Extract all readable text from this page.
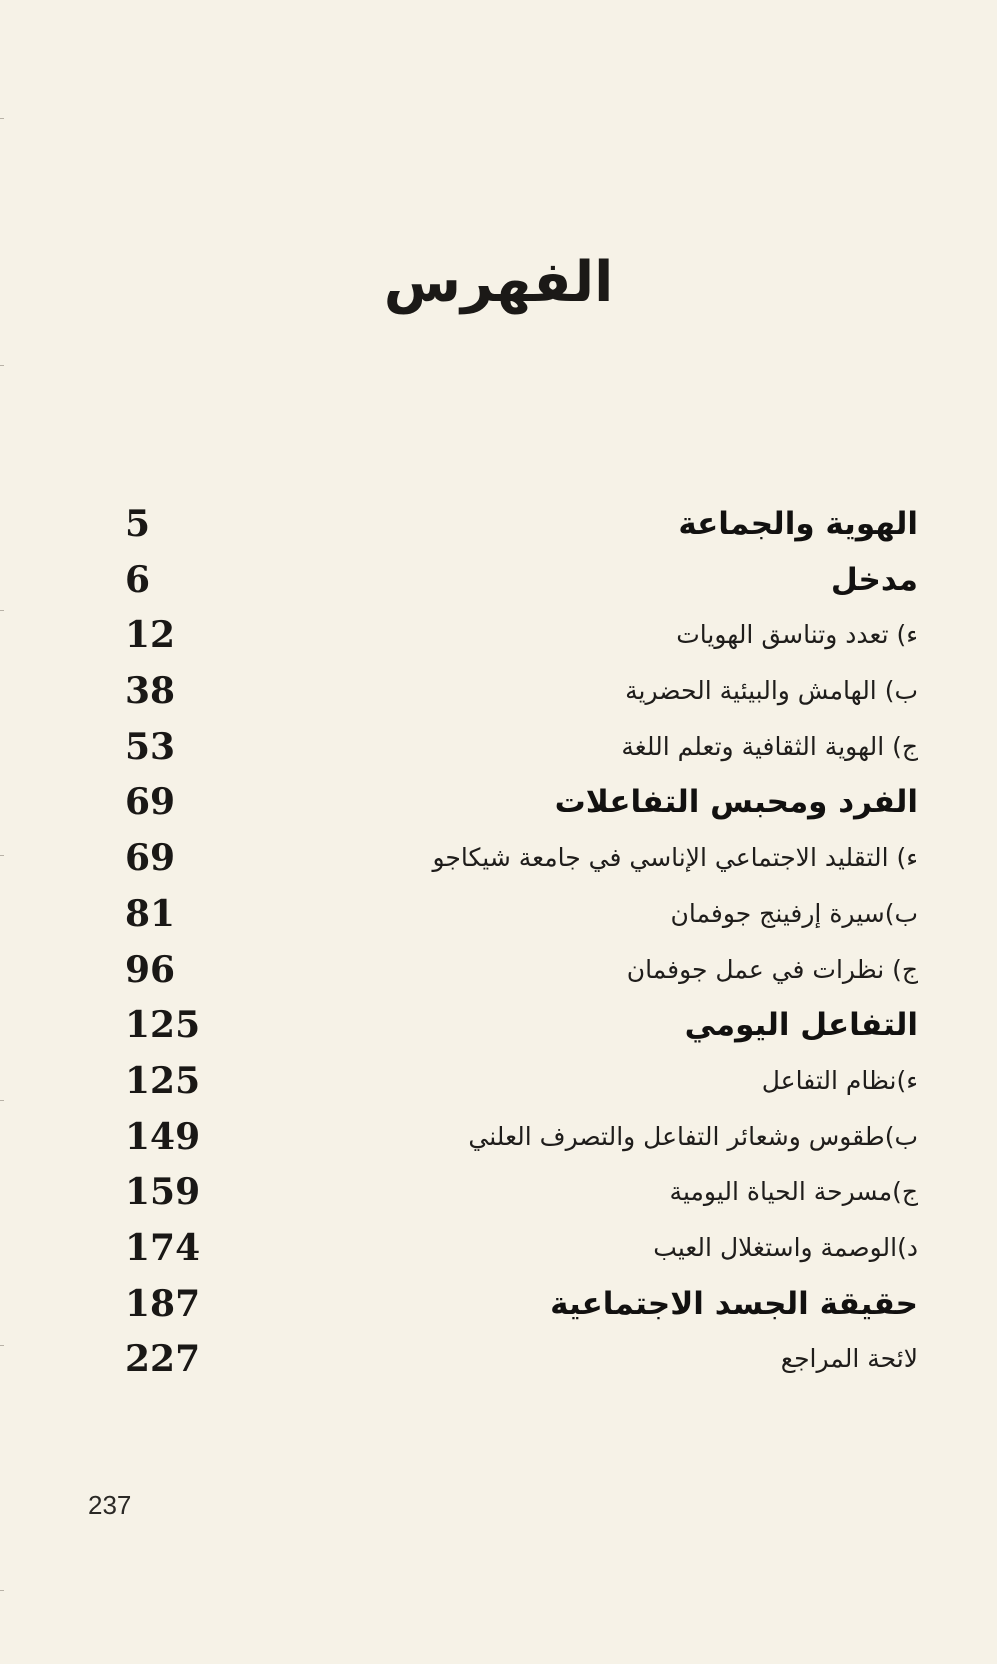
الفهرس
الهوية والجماعة
5
مدخل
6
ء) تعدد وتناسق الهويات
12
ب) الهامش والبيئية الحضرية
38
ج) الهوية الثقافية وتعلم اللغة
53
الفرد ومحبس التفاعلات
69
ء) التقليد الاجتماعي الإناسي في جامعة شيكاجو
69
ب)سيرة إرفينج جوفمان
81
ج) نظرات في عمل جوفمان
96
التفاعل اليومي
125
ء)نظام التفاعل
125
ب)طقوس وشعائر التفاعل والتصرف العلني
149
ج)مسرحة الحياة اليومية
159
د)الوصمة واستغلال العيب
174
حقيقة الجسد الاجتماعية
187
لائحة المراجع
227
237
